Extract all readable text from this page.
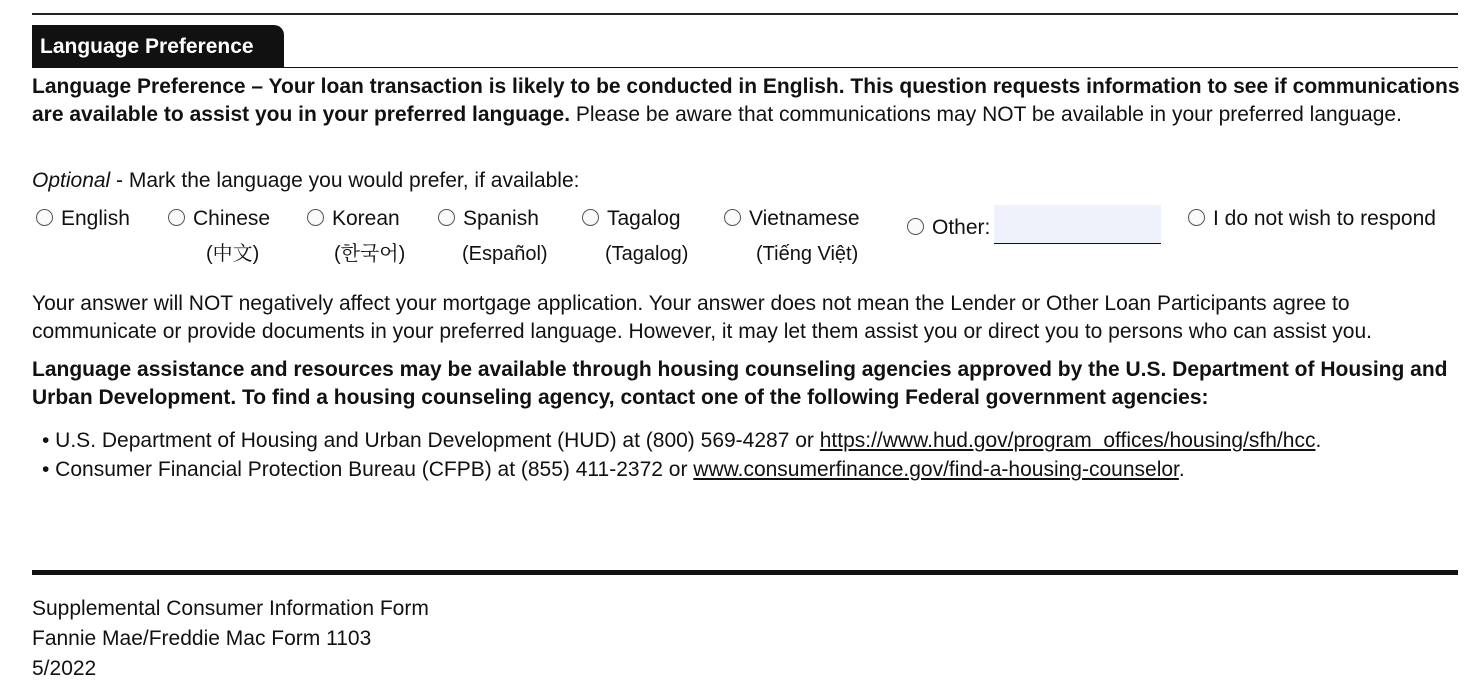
Language Preference
Language Preference – Your loan transaction is likely to be conducted in English. This question requests information to see if communications are available to assist you in your preferred language. Please be aware that communications may NOT be available in your preferred language.
Optional - Mark the language you would prefer, if available:
English	Chinese
(中文)
Korean
(한국어)
Spanish
(Español)
Tagalog
(Tagalog)
Vietnamese
(Tiếng Việt)
Other:	I do not wish to respond
Your answer will NOT negatively affect your mortgage application. Your answer does not mean the Lender or Other Loan Participants agree to communicate or provide documents in your preferred language. However, it may let them assist you or direct you to persons who can assist you.
Language assistance and resources may be available through housing counseling agencies approved by the U.S. Department of Housing and Urban Development. To find a housing counseling agency, contact one of the following Federal government agencies:
• U.S. Department of Housing and Urban Development (HUD) at (800) 569-4287 or https://www.hud.gov/program_offices/housing/sfh/hcc.
• Consumer Financial Protection Bureau (CFPB) at (855) 411-2372 or www.consumerfinance.gov/find-a-housing-counselor.
Supplemental Consumer Information Form
Fannie Mae/Freddie Mac Form 1103
5/2022
